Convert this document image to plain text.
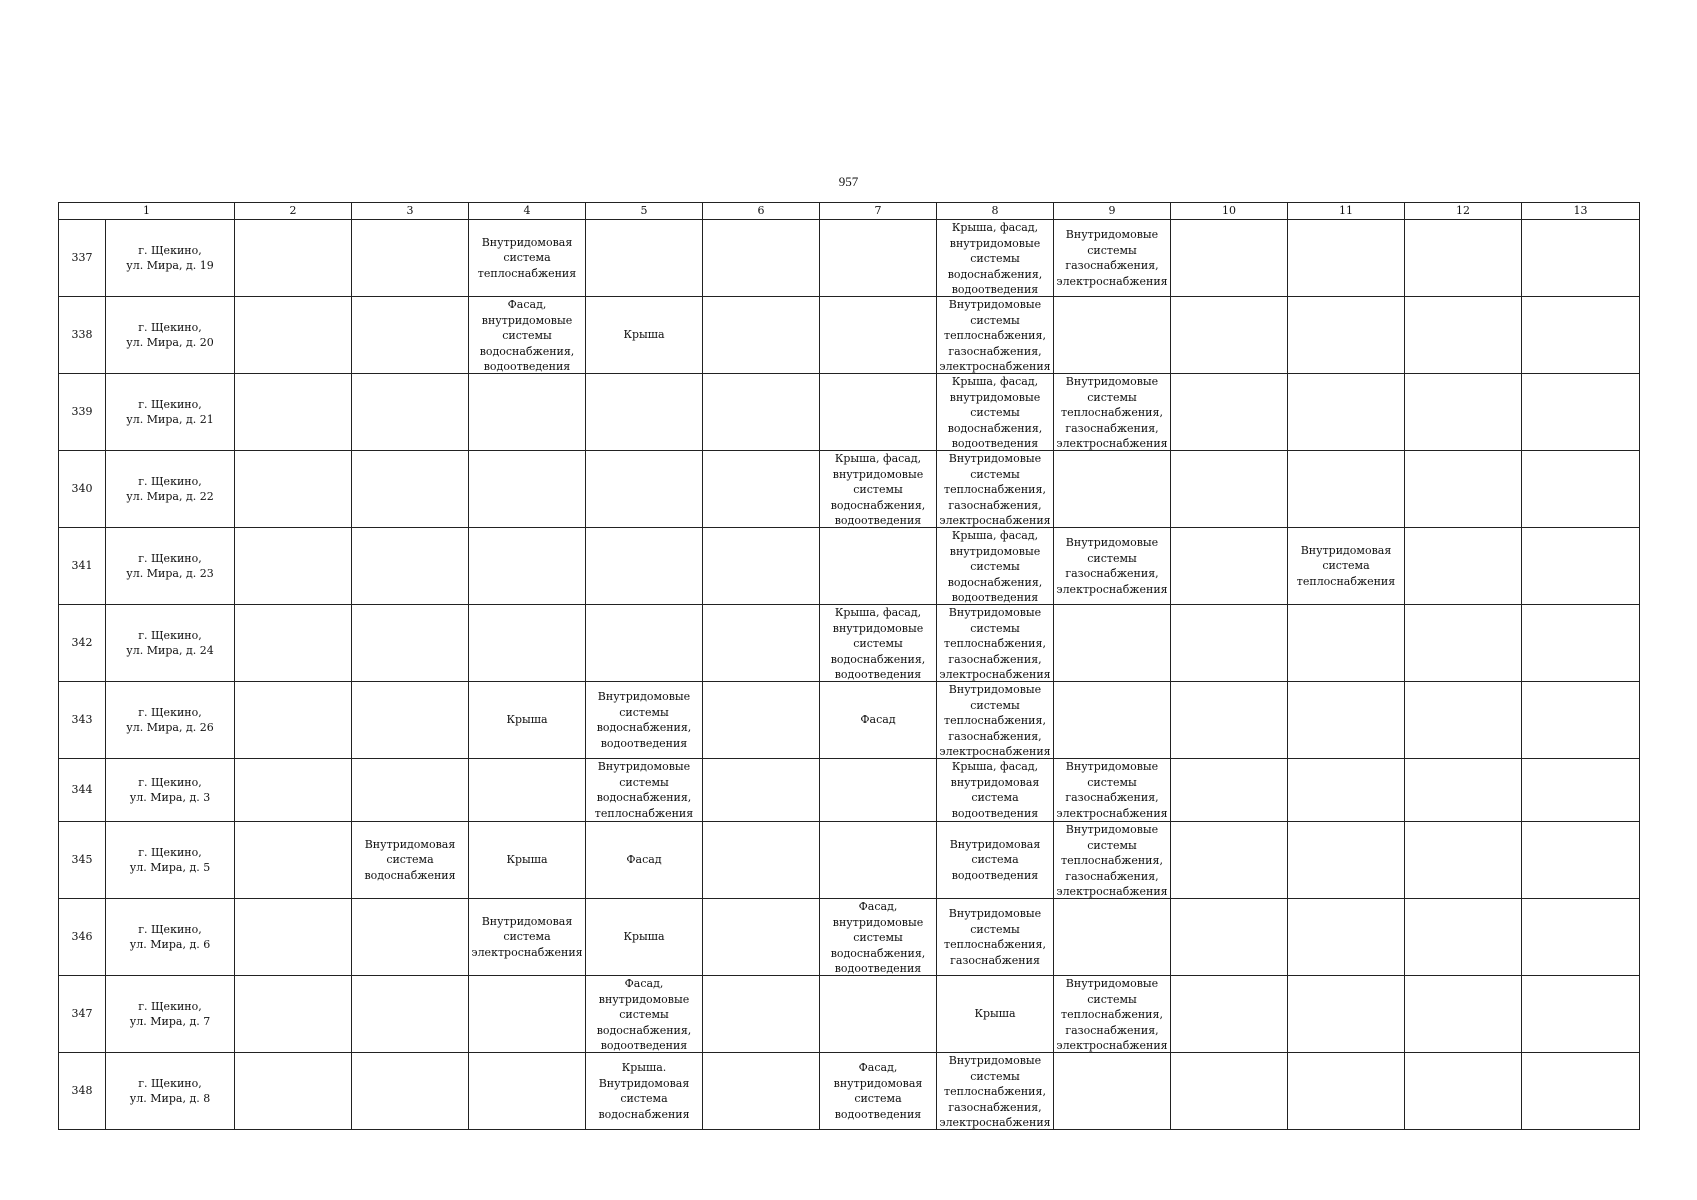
957
1		2	3	4	5	6	7	8	9	10	11	12	13

337	г. Щекино,
ул. Мира, д. 19			Внутридомовая
система
теплоснабжения				Крыша, фасад,
внутридомовые
системы
водоснабжения,
водоотведения	Внутридомовые
системы
газоснабжения,
электроснабжения				

338	г. Щекино,
ул. Мира, д. 20			Фасад,
внутридомовые
системы
водоснабжения,
водоотведения	Крыша			Внутридомовые
системы
теплоснабжения,
газоснабжения,
электроснабжения					

339	г. Щекино,
ул. Мира, д. 21							Крыша, фасад,
внутридомовые
системы
водоснабжения,
водоотведения	Внутридомовые
системы
теплоснабжения,
газоснабжения,
электроснабжения				

340	г. Щекино,
ул. Мира, д. 22						Крыша, фасад,
внутридомовые
системы
водоснабжения,
водоотведения	Внутридомовые
системы
теплоснабжения,
газоснабжения,
электроснабжения					

341	г. Щекино,
ул. Мира, д. 23							Крыша, фасад,
внутридомовые
системы
водоснабжения,
водоотведения	Внутридомовые
системы
газоснабжения,
электроснабжения		Внутридомовая
система
теплоснабжения		

342	г. Щекино,
ул. Мира, д. 24						Крыша, фасад,
внутридомовые
системы
водоснабжения,
водоотведения	Внутридомовые
системы
теплоснабжения,
газоснабжения,
электроснабжения					

343	г. Щекино,
ул. Мира, д. 26			Крыша	Внутридомовые
системы
водоснабжения,
водоотведения		Фасад	Внутридомовые
системы
теплоснабжения,
газоснабжения,
электроснабжения					

344	г. Щекино,
ул. Мира, д. 3				Внутридомовые
системы
водоснабжения,
теплоснабжения			Крыша, фасад,
внутридомовая
система
водоотведения	Внутридомовые
системы
газоснабжения,
электроснабжения				

345	г. Щекино,
ул. Мира, д. 5		Внутридомовая
система
водоснабжения	Крыша	Фасад			Внутридомовая
система
водоотведения	Внутридомовые
системы
теплоснабжения,
газоснабжения,
электроснабжения				

346	г. Щекино,
ул. Мира, д. 6			Внутридомовая
система
электроснабжения	Крыша		Фасад,
внутридомовые
системы
водоснабжения,
водоотведения	Внутридомовые
системы
теплоснабжения,
газоснабжения					

347	г. Щекино,
ул. Мира, д. 7				Фасад,
внутридомовые
системы
водоснабжения,
водоотведения			Крыша	Внутридомовые
системы
теплоснабжения,
газоснабжения,
электроснабжения				

348	г. Щекино,
ул. Мира, д. 8				Крыша.
Внутридомовая
система
водоснабжения		Фасад,
внутридомовая
система
водоотведения	Внутридомовые
системы
теплоснабжения,
газоснабжения,
электроснабжения					
